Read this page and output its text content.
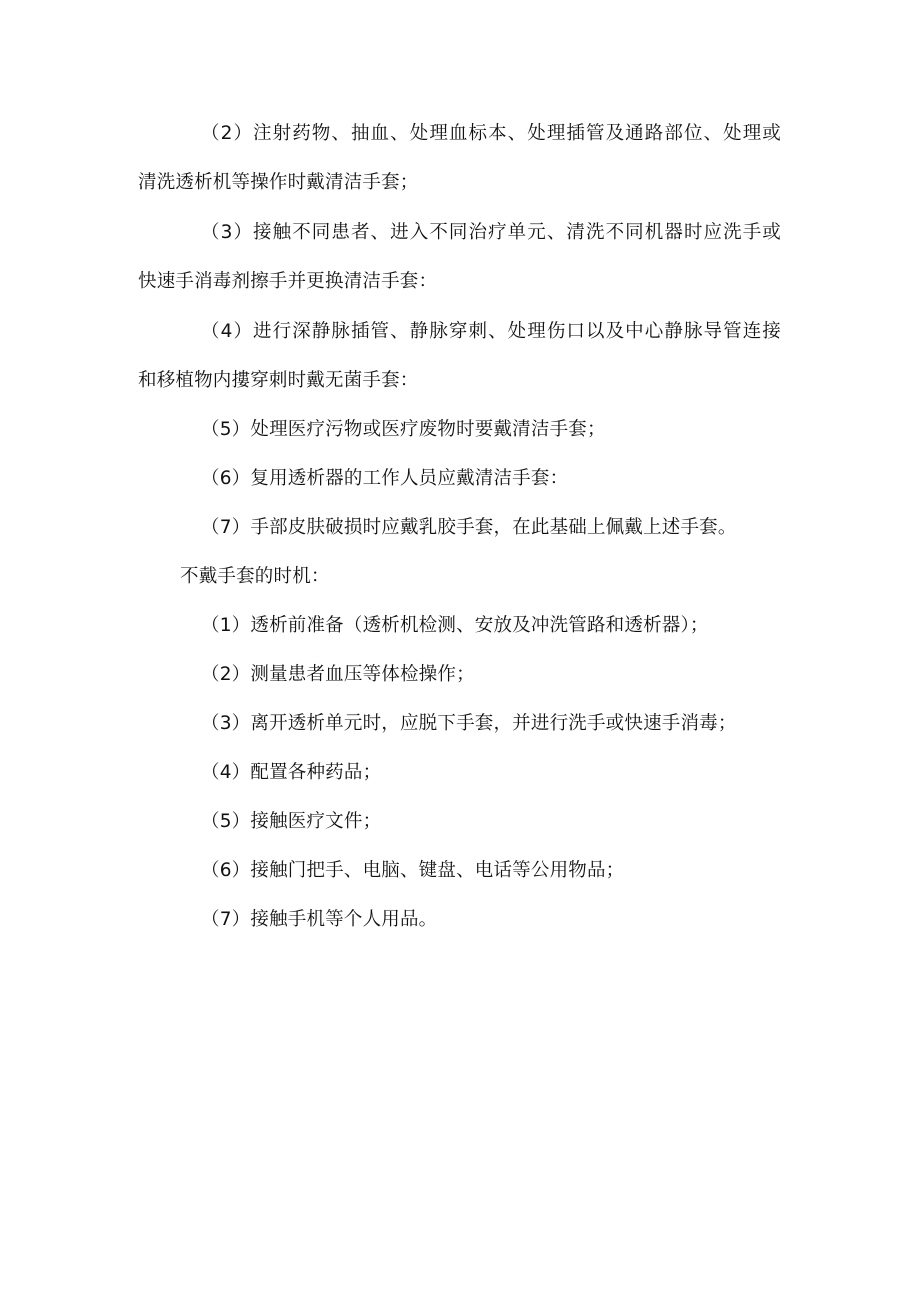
（2）注射药物、抽血、处理血标本、处理插管及通路部位、处理或
清洗透析机等操作时戴清洁手套；
（3）接触不同患者、进入不同治疗单元、清洗不同机器时应洗手或
快速手消毒剂擦手并更换清洁手套：
（4）进行深静脉插管、静脉穿刺、处理伤口以及中心静脉导管连接
和移植物内摟穿刺时戴无菌手套：
（5）处理医疗污物或医疗废物时要戴清洁手套；
（6）复用透析器的工作人员应戴清洁手套：
（7）手部皮肤破损时应戴乳胶手套，在此基础上佩戴上述手套。
不戴手套的时机：
（1）透析前准备（透析机检测、安放及冲洗管路和透析器）；
（2）测量患者血压等体检操作；
（3）离开透析单元时，应脱下手套，并进行洗手或快速手消毒；
（4）配置各种药品；
（5）接触医疗文件；
（6）接触门把手、电脑、键盘、电话等公用物品；
（7）接触手机等个人用品。
